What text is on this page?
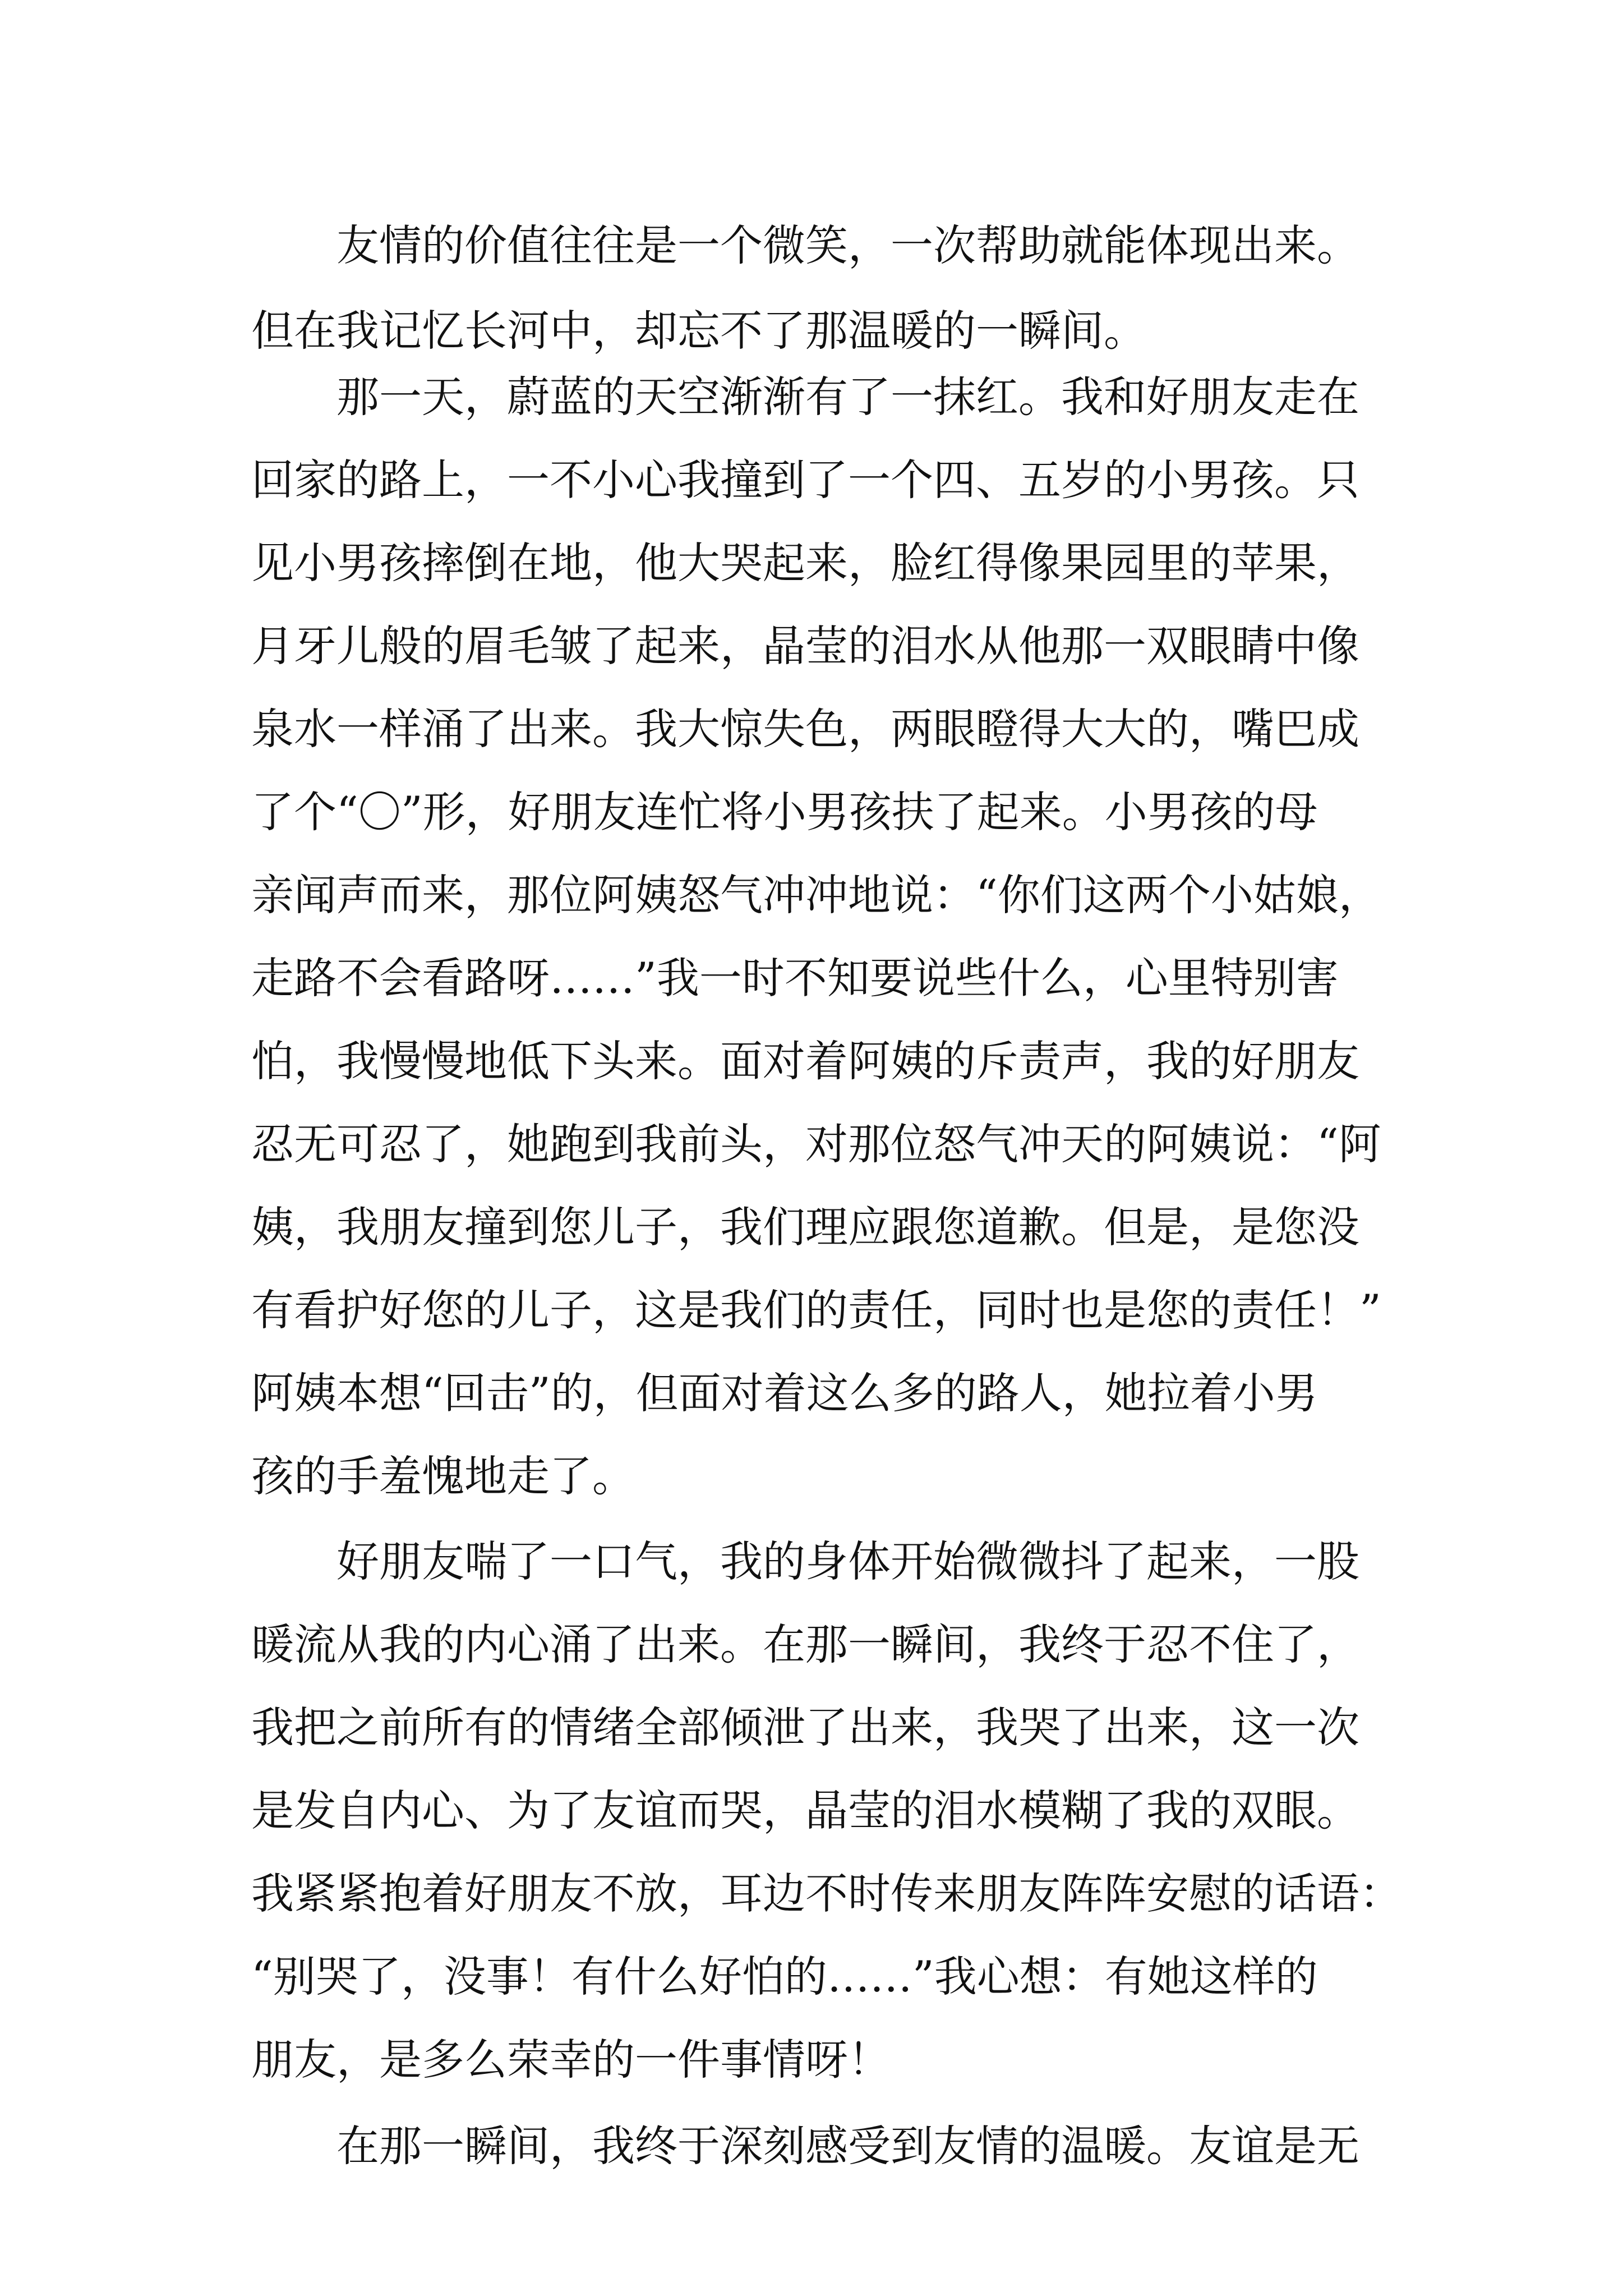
友情的价值往往是一个微笑，一次帮助就能体现出来。

但在我记忆长河中，却忘不了那温暖的一瞬间。

那一天，蔚蓝的天空渐渐有了一抹红。我和好朋友走在

回家的路上，一不小心我撞到了一个四、五岁的小男孩。只

见小男孩摔倒在地，他大哭起来，脸红得像果园里的苹果，

月牙儿般的眉毛皱了起来，晶莹的泪水从他那一双眼睛中像

泉水一样涌了出来。我大惊失色，两眼瞪得大大的，嘴巴成

了个“〇”形，好朋友连忙将小男孩扶了起来。小男孩的母

亲闻声而来，那位阿姨怒气冲冲地说：“你们这两个小姑娘，

走路不会看路呀……”我一时不知要说些什么，心里特别害

怕，我慢慢地低下头来。面对着阿姨的斥责声，我的好朋友

忍无可忍了，她跑到我前头，对那位怒气冲天的阿姨说：“阿

姨，我朋友撞到您儿子，我们理应跟您道歉。但是，是您没

有看护好您的儿子，这是我们的责任，同时也是您的责任！”

阿姨本想“回击”的，但面对着这么多的路人，她拉着小男

孩的手羞愧地走了。

好朋友喘了一口气，我的身体开始微微抖了起来，一股

暖流从我的内心涌了出来。在那一瞬间，我终于忍不住了，

我把之前所有的情绪全部倾泄了出来，我哭了出来，这一次

是发自内心、为了友谊而哭，晶莹的泪水模糊了我的双眼。

我紧紧抱着好朋友不放，耳边不时传来朋友阵阵安慰的话语：

“别哭了，没事！有什么好怕的……”我心想：有她这样的

朋友，是多么荣幸的一件事情呀！

在那一瞬间，我终于深刻感受到友情的温暖。友谊是无
